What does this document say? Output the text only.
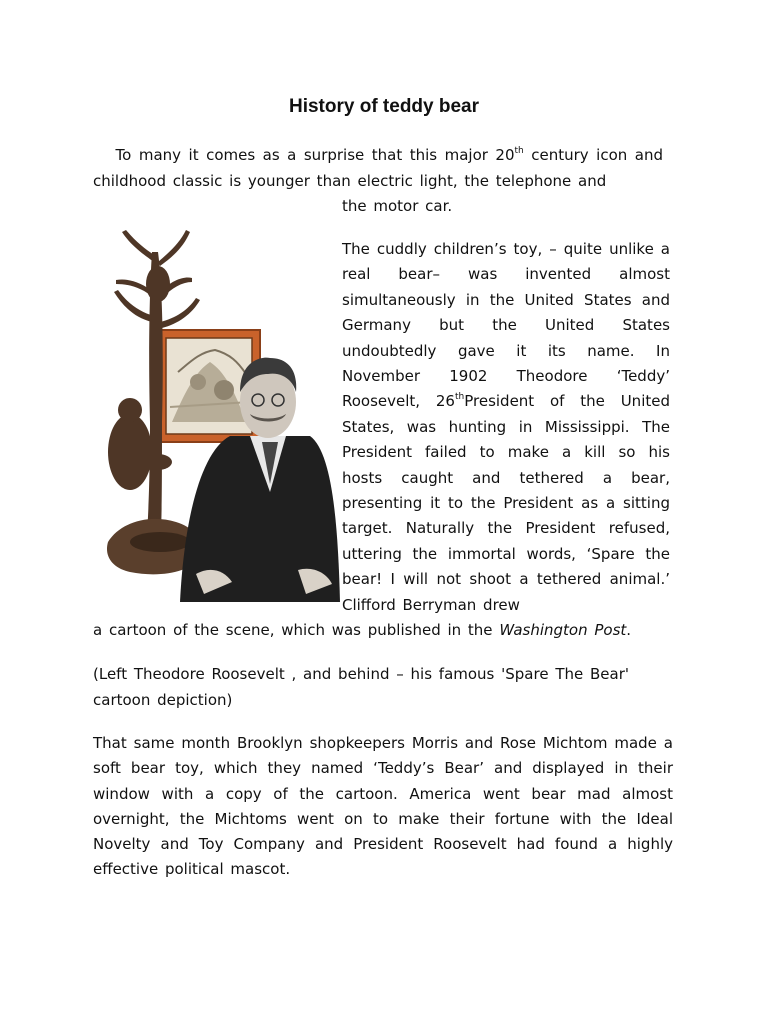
History of teddy bear
To many it comes as a surprise that this major 20th century icon and childhood classic is younger than electric light, the telephone and
the motor car.
The cuddly children’s toy, – quite unlike a real bear– was invented almost simultaneously in the United States and Germany but the United States undoubtedly gave it its name. In November 1902 Theodore ‘Teddy’ Roosevelt, 26thPresident of the United States, was hunting in Mississippi. The President failed to make a kill so his hosts caught and tethered a bear, presenting it to the President as a sitting target. Naturally the President refused, uttering the immortal words, ‘Spare the bear! I will not shoot a tethered animal.’ Clifford Berryman drew
a cartoon of the scene, which was published in the Washington Post.
(Left Theodore Roosevelt , and behind – his famous 'Spare The Bear' cartoon depiction)
That same month Brooklyn shopkeepers Morris and Rose Michtom made a soft bear toy, which they named ‘Teddy’s Bear’ and displayed in their window with a copy of the cartoon. America went bear mad almost overnight, the Michtoms went on to make their fortune with the Ideal Novelty and Toy Company and President Roosevelt had found a highly effective political mascot.
